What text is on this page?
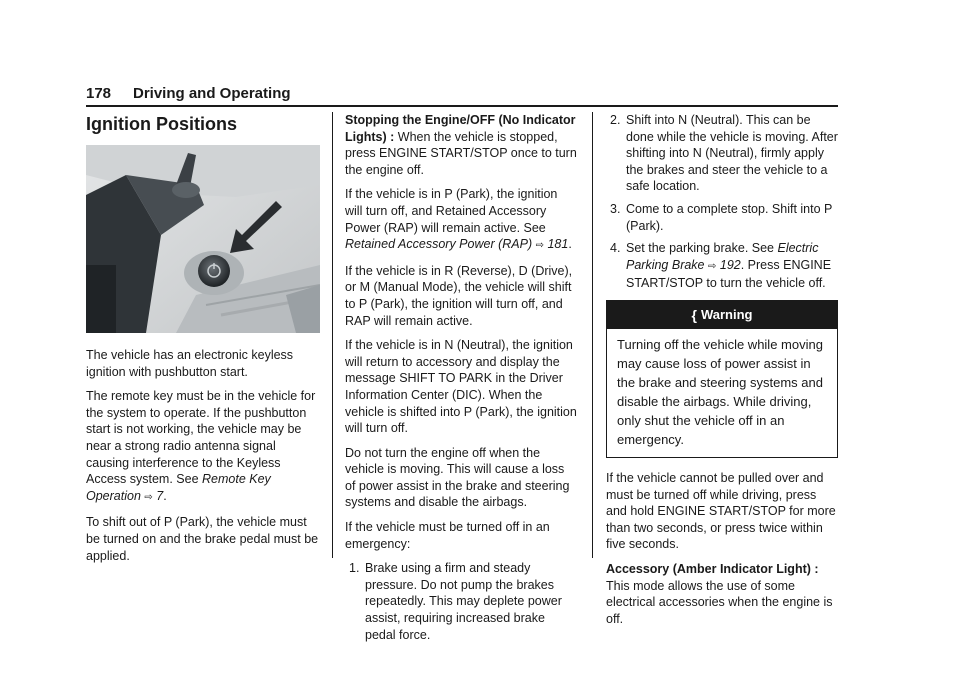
178 Driving and Operating
Ignition Positions

The vehicle has an electronic keyless ignition with pushbutton start.

The remote key must be in the vehicle for the system to operate. If the pushbutton start is not working, the vehicle may be near a strong radio antenna signal causing interference to the Keyless Access system. See Remote Key Operation ⇨ 7.

To shift out of P (Park), the vehicle must be turned on and the brake pedal must be applied.

Stopping the Engine/OFF (No Indicator Lights) : When the vehicle is stopped, press ENGINE START/STOP once to turn the engine off.

If the vehicle is in P (Park), the ignition will turn off, and Retained Accessory Power (RAP) will remain active. See Retained Accessory Power (RAP) ⇨ 181.

If the vehicle is in R (Reverse), D (Drive), or M (Manual Mode), the vehicle will shift to P (Park), the ignition will turn off, and RAP will remain active.

If the vehicle is in N (Neutral), the ignition will return to accessory and display the message SHIFT TO PARK in the Driver Information Center (DIC). When the vehicle is shifted into P (Park), the ignition will turn off.

Do not turn the engine off when the vehicle is moving. This will cause a loss of power assist in the brake and steering systems and disable the airbags.

If the vehicle must be turned off in an emergency:

1. Brake using a firm and steady pressure. Do not pump the brakes repeatedly. This may deplete power assist, requiring increased brake pedal force.
2. Shift into N (Neutral). This can be done while the vehicle is moving. After shifting into N (Neutral), firmly apply the brakes and steer the vehicle to a safe location.
3. Come to a complete stop. Shift into P (Park).
4. Set the parking brake. See Electric Parking Brake ⇨ 192. Press ENGINE START/STOP to turn the vehicle off.
{ Warning
Turning off the vehicle while moving may cause loss of power assist in the brake and steering systems and disable the airbags. While driving, only shut the vehicle off in an emergency.

If the vehicle cannot be pulled over and must be turned off while driving, press and hold ENGINE START/STOP for more than two seconds, or press twice within five seconds.

Accessory (Amber Indicator Light) : This mode allows the use of some electrical accessories when the engine is off.
